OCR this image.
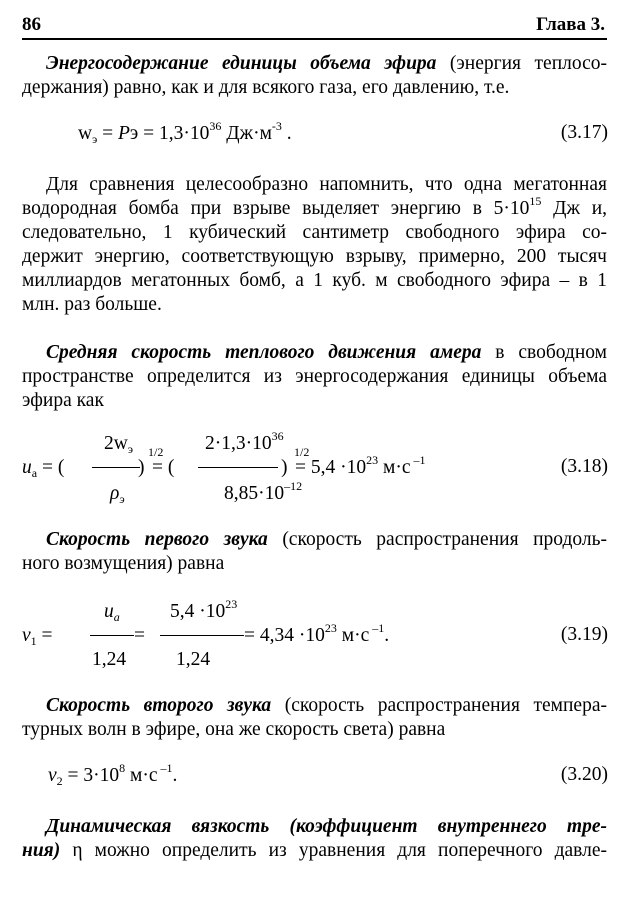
86	Глава 3.
Энергосодержание единицы объема эфира (энергия теплосо-
держания) равно, как и для всякого газа, его давлению, т.е.
$w_э$ = Pэ = $1,3\cdot 10^{36}$ $Дж\cdot м^{-3}$ .	(3.17)
Для сравнения целесообразно напомнить, что одна мегатонная
водородная бомба при взрыве выделяет энергию в $5\cdot 10^{15}$ Дж и,
следовательно, 1 кубический сантиметр свободного эфира со-
держит энергию, соответствующую взрыву, примерно, 200 тысяч
миллиардов мегатонных бомб, а 1 куб. м свободного эфира – в 1
млн. раз больше.
Средняя скорость теплового движения амера в свободном
пространстве определится из энергосодержания единицы объема
эфира как
$2w_э$ 1/2
$u_a$ = (	)
$\rho_э$
= (
$2\cdot 1,3\cdot 10^{36}$
1/2
$8,85\cdot 10^{-12}$
) = $5,4 \cdot 10^{23}$ м·с $^{-1}$	(3.18)
Скорость первого звука (скорость распространения продоль-
ного возмущения) равна
$v_1$ =
$u_a$
1,24
=
$5,4 \cdot 10^{23}$
1,24
= $4,34 \cdot 10^{23}$ м·с $^{-1}$.	(3.19)
Скорость второго звука (скорость распространения темпера-
турных волн в эфире, она же скорость света) равна
$v_2 = 3\cdot 10^8$ м·с $^{-1}$.	(3.20)
Динамическая вязкость (коэффициент внутреннего тре-
ния) η можно определить из уравнения для поперечного давле-
